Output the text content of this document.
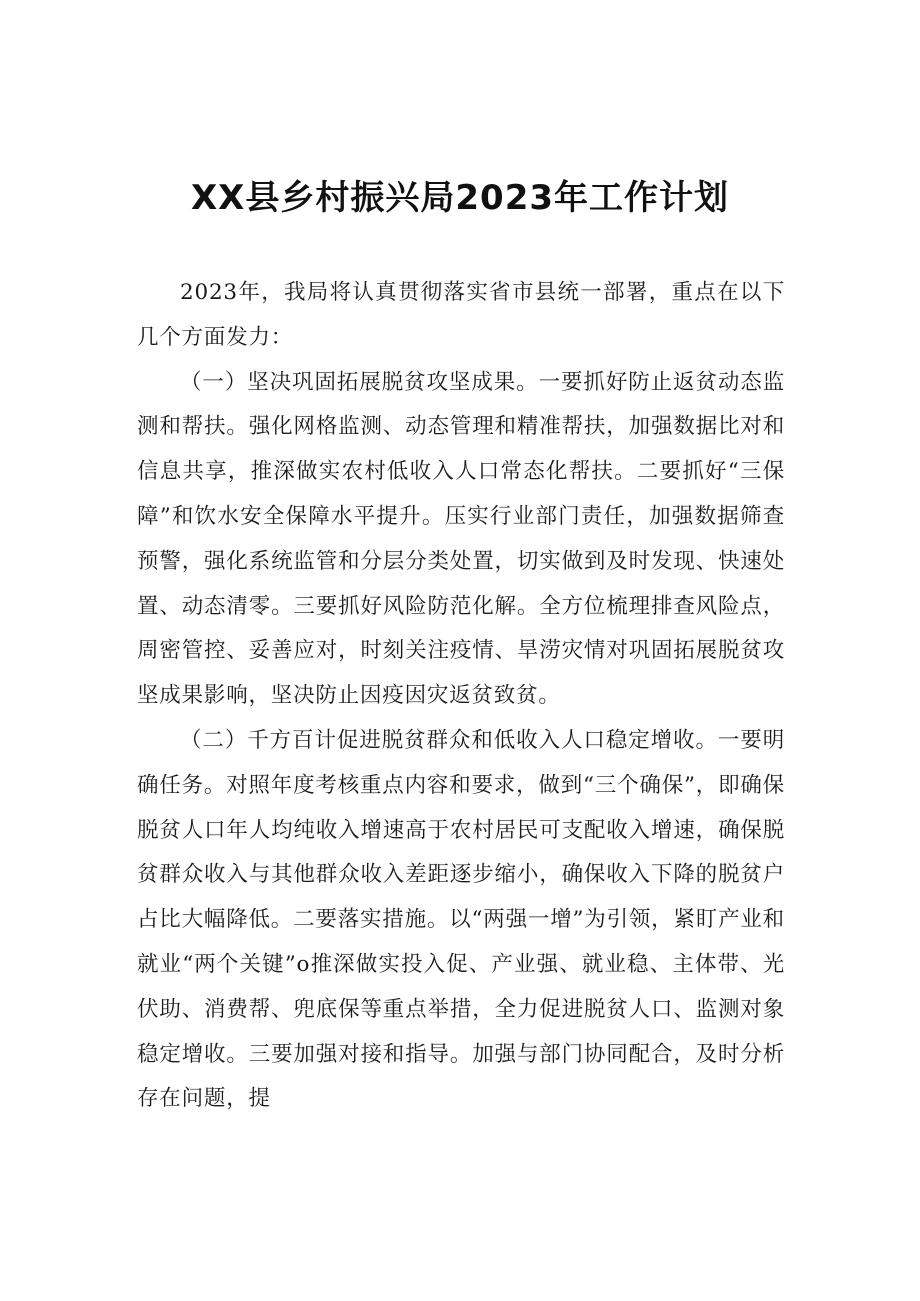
XX县乡村振兴局2023年工作计划

2023年，我局将认真贯彻落实省市县统一部署，重点在以下几个方面发力：

（一）坚决巩固拓展脱贫攻坚成果。一要抓好防止返贫动态监测和帮扶。强化网格监测、动态管理和精准帮扶，加强数据比对和信息共享，推深做实农村低收入人口常态化帮扶。二要抓好“三保障”和饮水安全保障水平提升。压实行业部门责任，加强数据筛查预警，强化系统监管和分层分类处置，切实做到及时发现、快速处置、动态清零。三要抓好风险防范化解。全方位梳理排查风险点，周密管控、妥善应对，时刻关注疫情、旱涝灾情对巩固拓展脱贫攻坚成果影响，坚决防止因疫因灾返贫致贫。

（二）千方百计促进脱贫群众和低收入人口稳定增收。一要明确任务。对照年度考核重点内容和要求，做到“三个确保”，即确保脱贫人口年人均纯收入增速高于农村居民可支配收入增速，确保脱贫群众收入与其他群众收入差距逐步缩小，确保收入下降的脱贫户占比大幅降低。二要落实措施。以“两强一增”为引领，紧盯产业和就业“两个关键”o推深做实投入促、产业强、就业稳、主体带、光伏助、消费帮、兜底保等重点举措，全力促进脱贫人口、监测对象稳定增收。三要加强对接和指导。加强与部门协同配合，及时分析存在问题，提
